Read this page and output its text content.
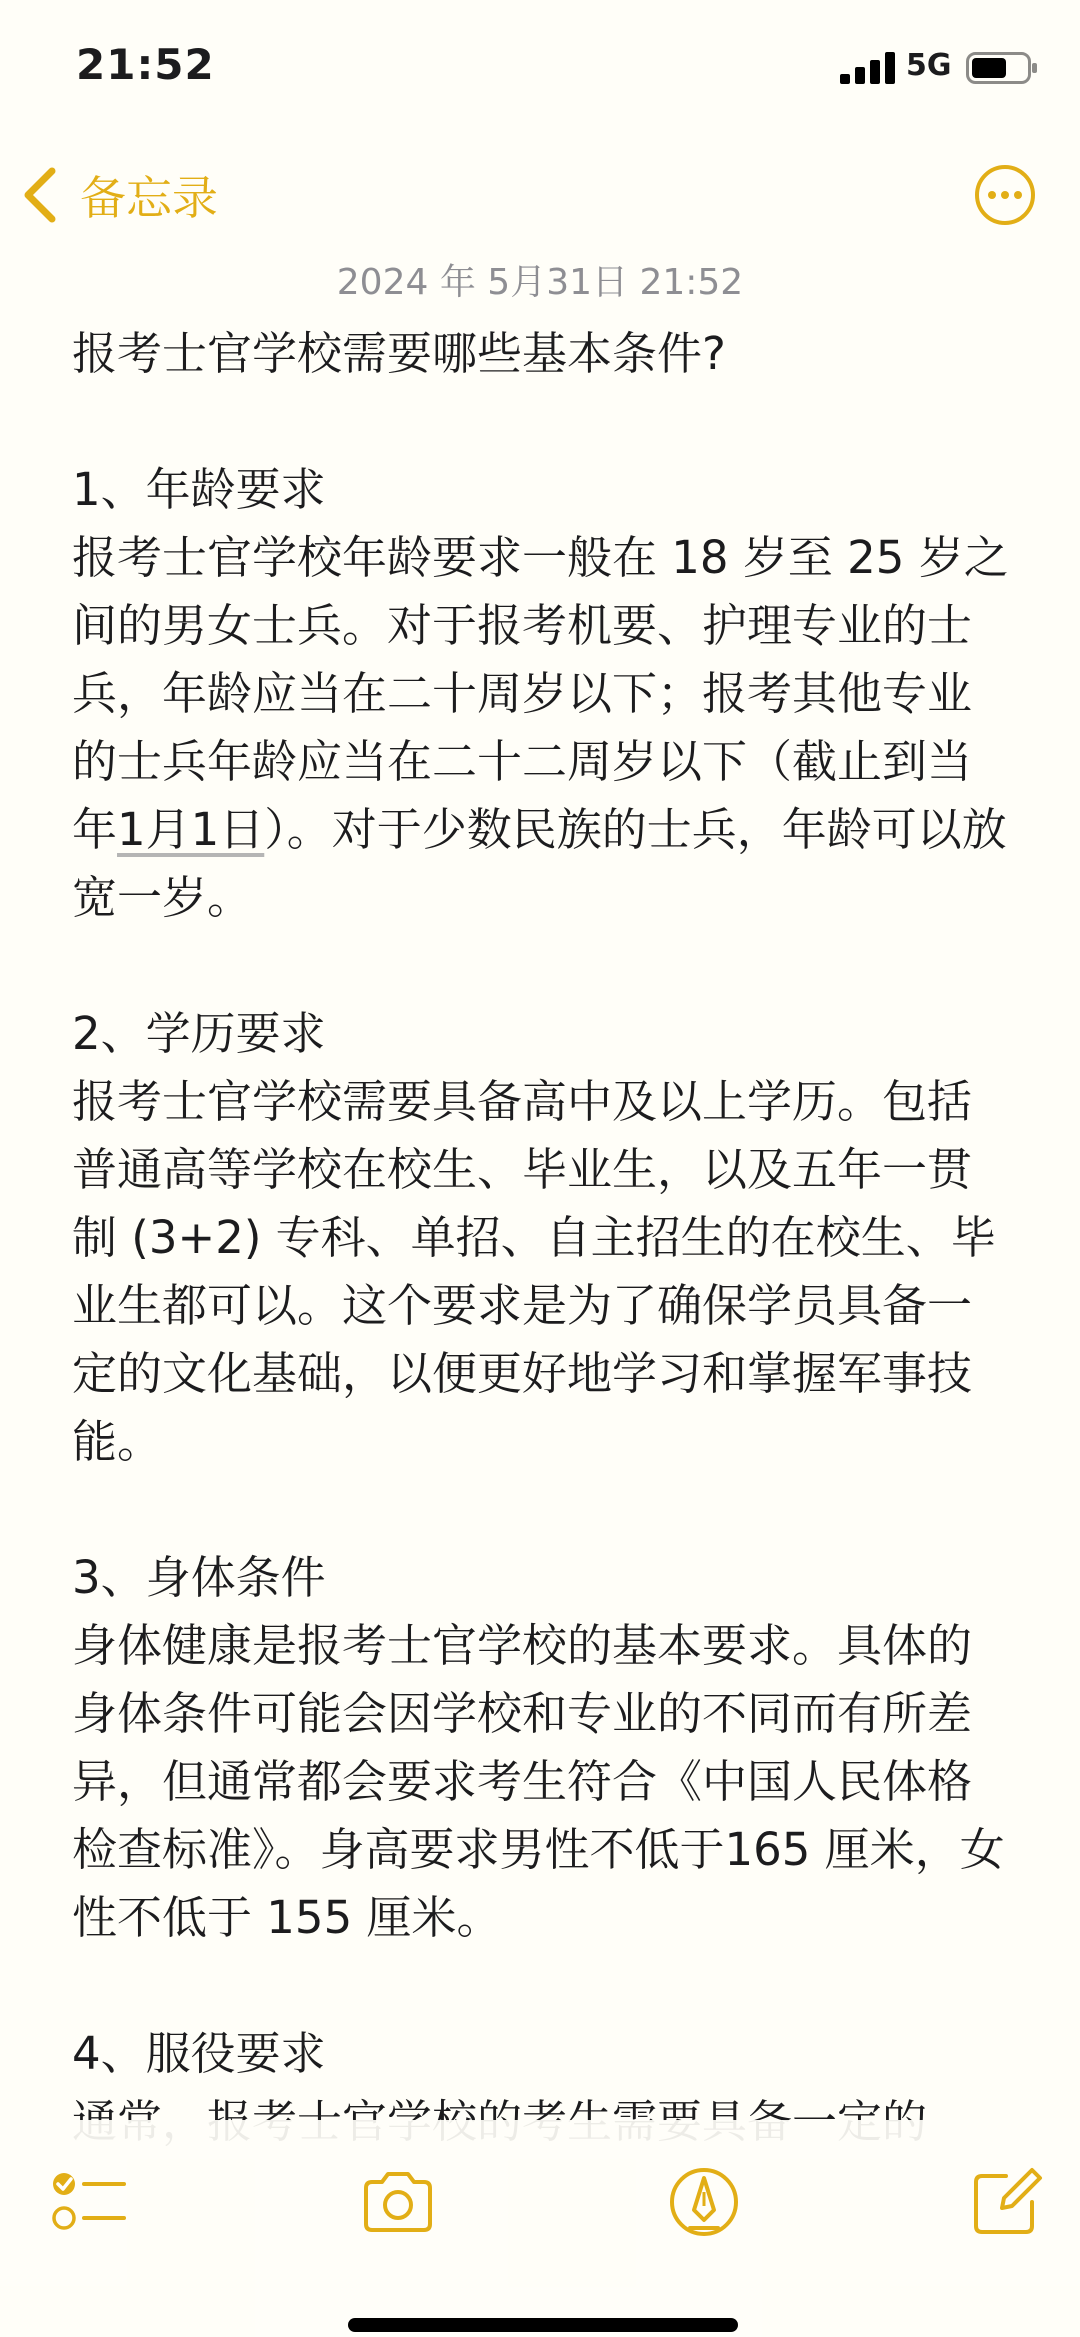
21:52	5G
备忘录
2024 年 5月31日 21:52

报考士官学校需要哪些基本条件?

1、年龄要求

报考士官学校年龄要求一般在 18 岁至 25 岁之间的男女士兵。对于报考机要、护理专业的士兵，年龄应当在二十周岁以下；报考其他专业的士兵年龄应当在二十二周岁以下（截止到当年1月1日）。对于少数民族的士兵，年龄可以放宽一岁。

2、学历要求

报考士官学校需要具备高中及以上学历。包括普通高等学校在校生、毕业生，以及五年一贯制 (3+2) 专科、单招、自主招生的在校生、毕业生都可以。这个要求是为了确保学员具备一定的文化基础，以便更好地学习和掌握军事技能。

3、身体条件

身体健康是报考士官学校的基本要求。具体的身体条件可能会因学校和专业的不同而有所差异，但通常都会要求考生符合《中国人民体格检查标准》。身高要求男性不低于165 厘米，女性不低于 155 厘米。

4、服役要求
